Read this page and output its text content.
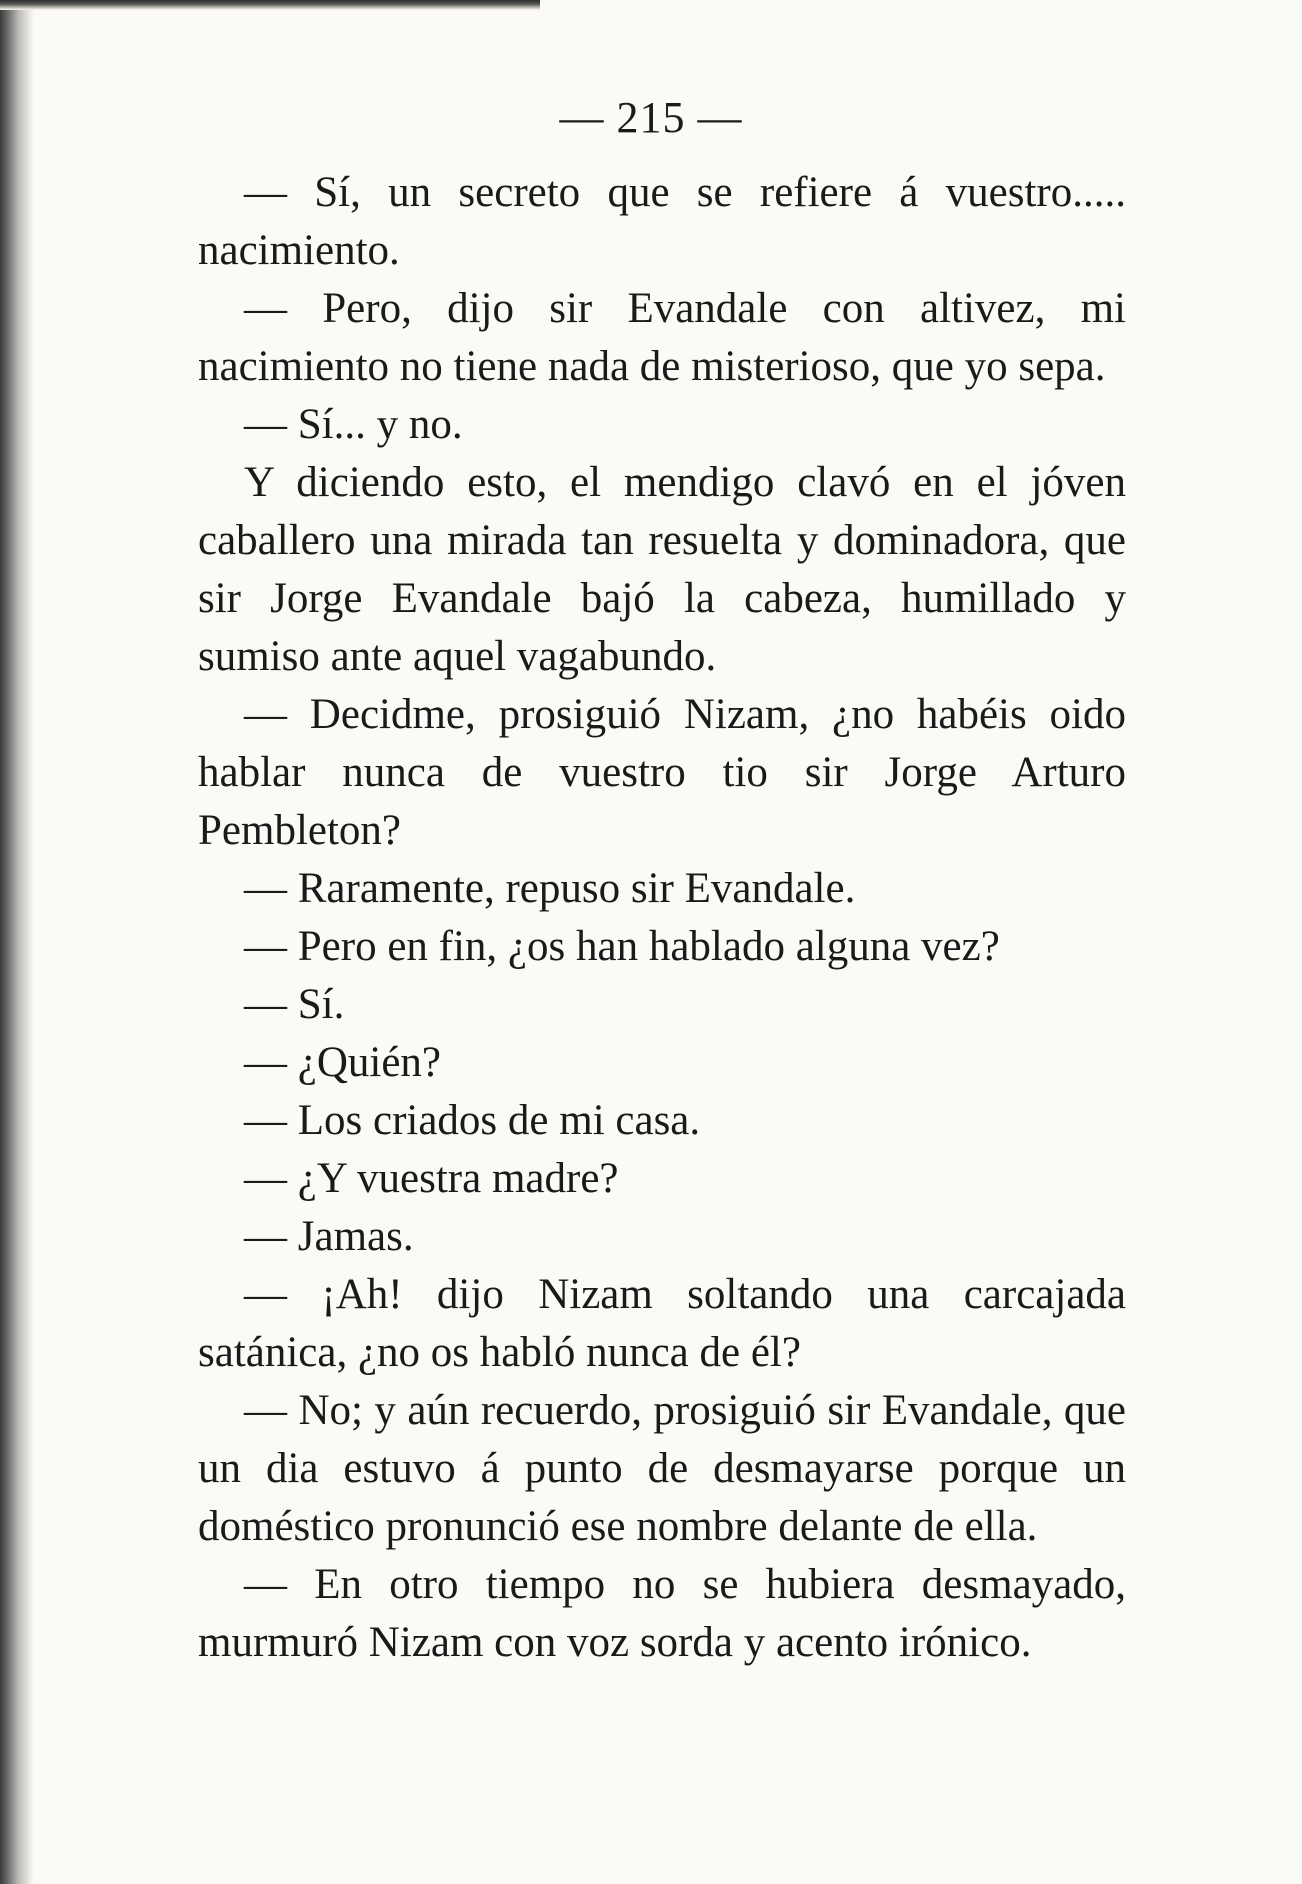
— 215 —

— Sí, un secreto que se refiere á vuestro..... nacimiento.

— Pero, dijo sir Evandale con altivez, mi nacimiento no tiene nada de misterioso, que yo sepa.

— Sí... y no.

Y diciendo esto, el mendigo clavó en el jóven caballero una mirada tan resuelta y dominadora, que sir Jorge Evandale bajó la cabeza, humillado y sumiso ante aquel vagabundo.

— Decidme, prosiguió Nizam, ¿no habéis oido hablar nunca de vuestro tio sir Jorge Arturo Pembleton?

— Raramente, repuso sir Evandale.

— Pero en fin, ¿os han hablado alguna vez?

— Sí.

— ¿Quién?

— Los criados de mi casa.

— ¿Y vuestra madre?

— Jamas.

— ¡Ah! dijo Nizam soltando una carcajada satánica, ¿no os habló nunca de él?

— No; y aún recuerdo, prosiguió sir Evandale, que un dia estuvo á punto de desmayarse porque un doméstico pronunció ese nombre delante de ella.

— En otro tiempo no se hubiera desmayado, murmuró Nizam con voz sorda y acento irónico.
